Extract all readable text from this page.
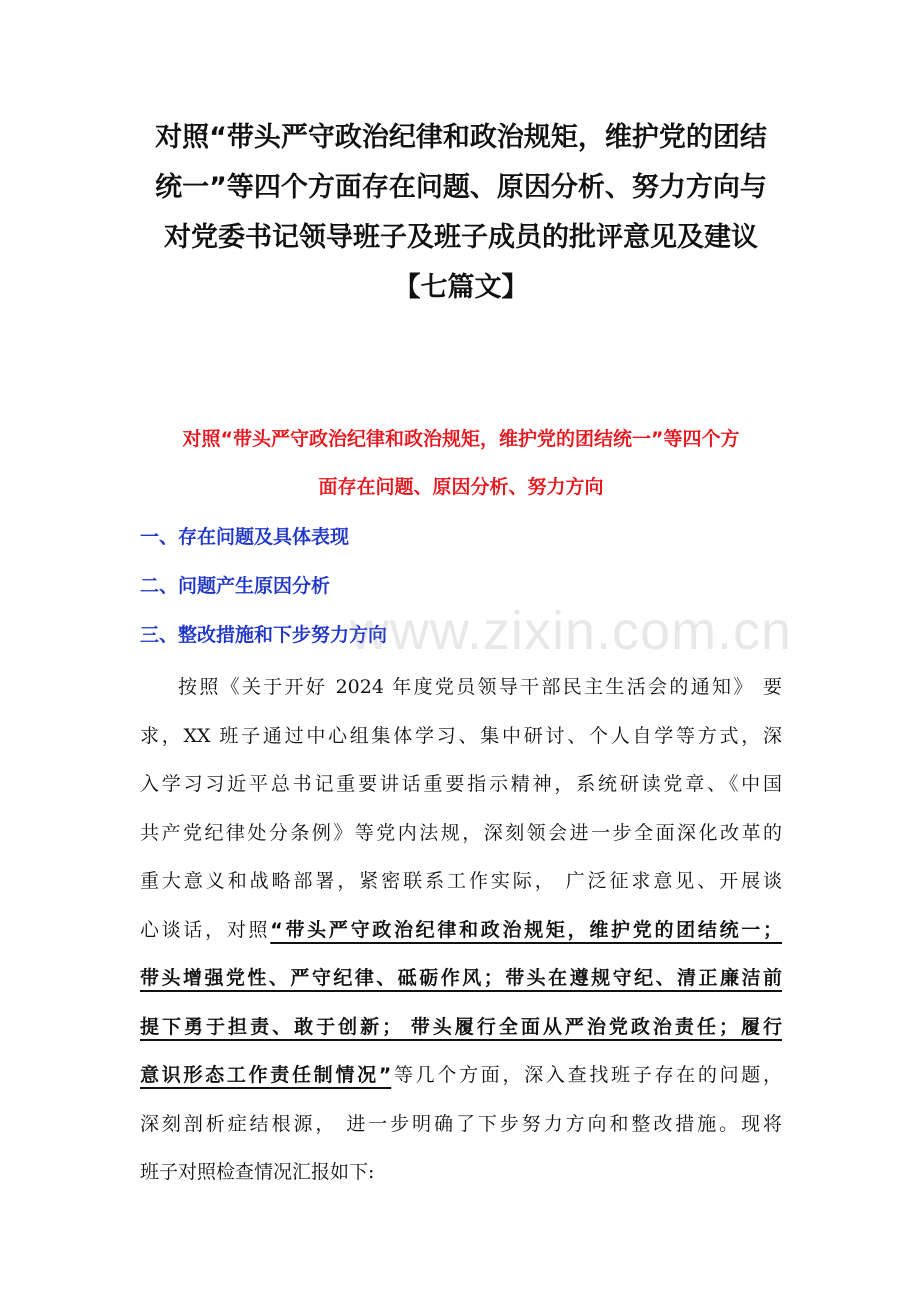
对照“带头严守政治纪律和政治规矩，维护党的团结
统一”等四个方面存在问题、原因分析、努力方向与
对党委书记领导班子及班子成员的批评意见及建议
【七篇文】
对照“带头严守政治纪律和政治规矩，维护党的团结统一”等四个方
面存在问题、原因分析、努力方向
一、存在问题及具体表现
二、问题产生原因分析
三、整改措施和下步努力方向
按照《关于开好 2024 年度党员领导干部民主生活会的通知》 要
求，XX 班子通过中心组集体学习、集中研讨、个人自学等方式，深
入学习习近平总书记重要讲话重要指示精神，系统研读党章、《中国
共产党纪律处分条例》等党内法规，深刻领会进一步全面深化改革的
重大意义和战略部署，紧密联系工作实际， 广泛征求意见、开展谈
心谈话，对照“带头严守政治纪律和政治规矩，维护党的团结统一；
带头增强党性、严守纪律、砥砺作风；带头在遵规守纪、清正廉洁前
提下勇于担责、敢于创新； 带头履行全面从严治党政治责任；履行
意识形态工作责任制情况”等几个方面，深入查找班子存在的问题，
深刻剖析症结根源， 进一步明确了下步努力方向和整改措施。现将
班子对照检查情况汇报如下:
www.zixin.com.cn
